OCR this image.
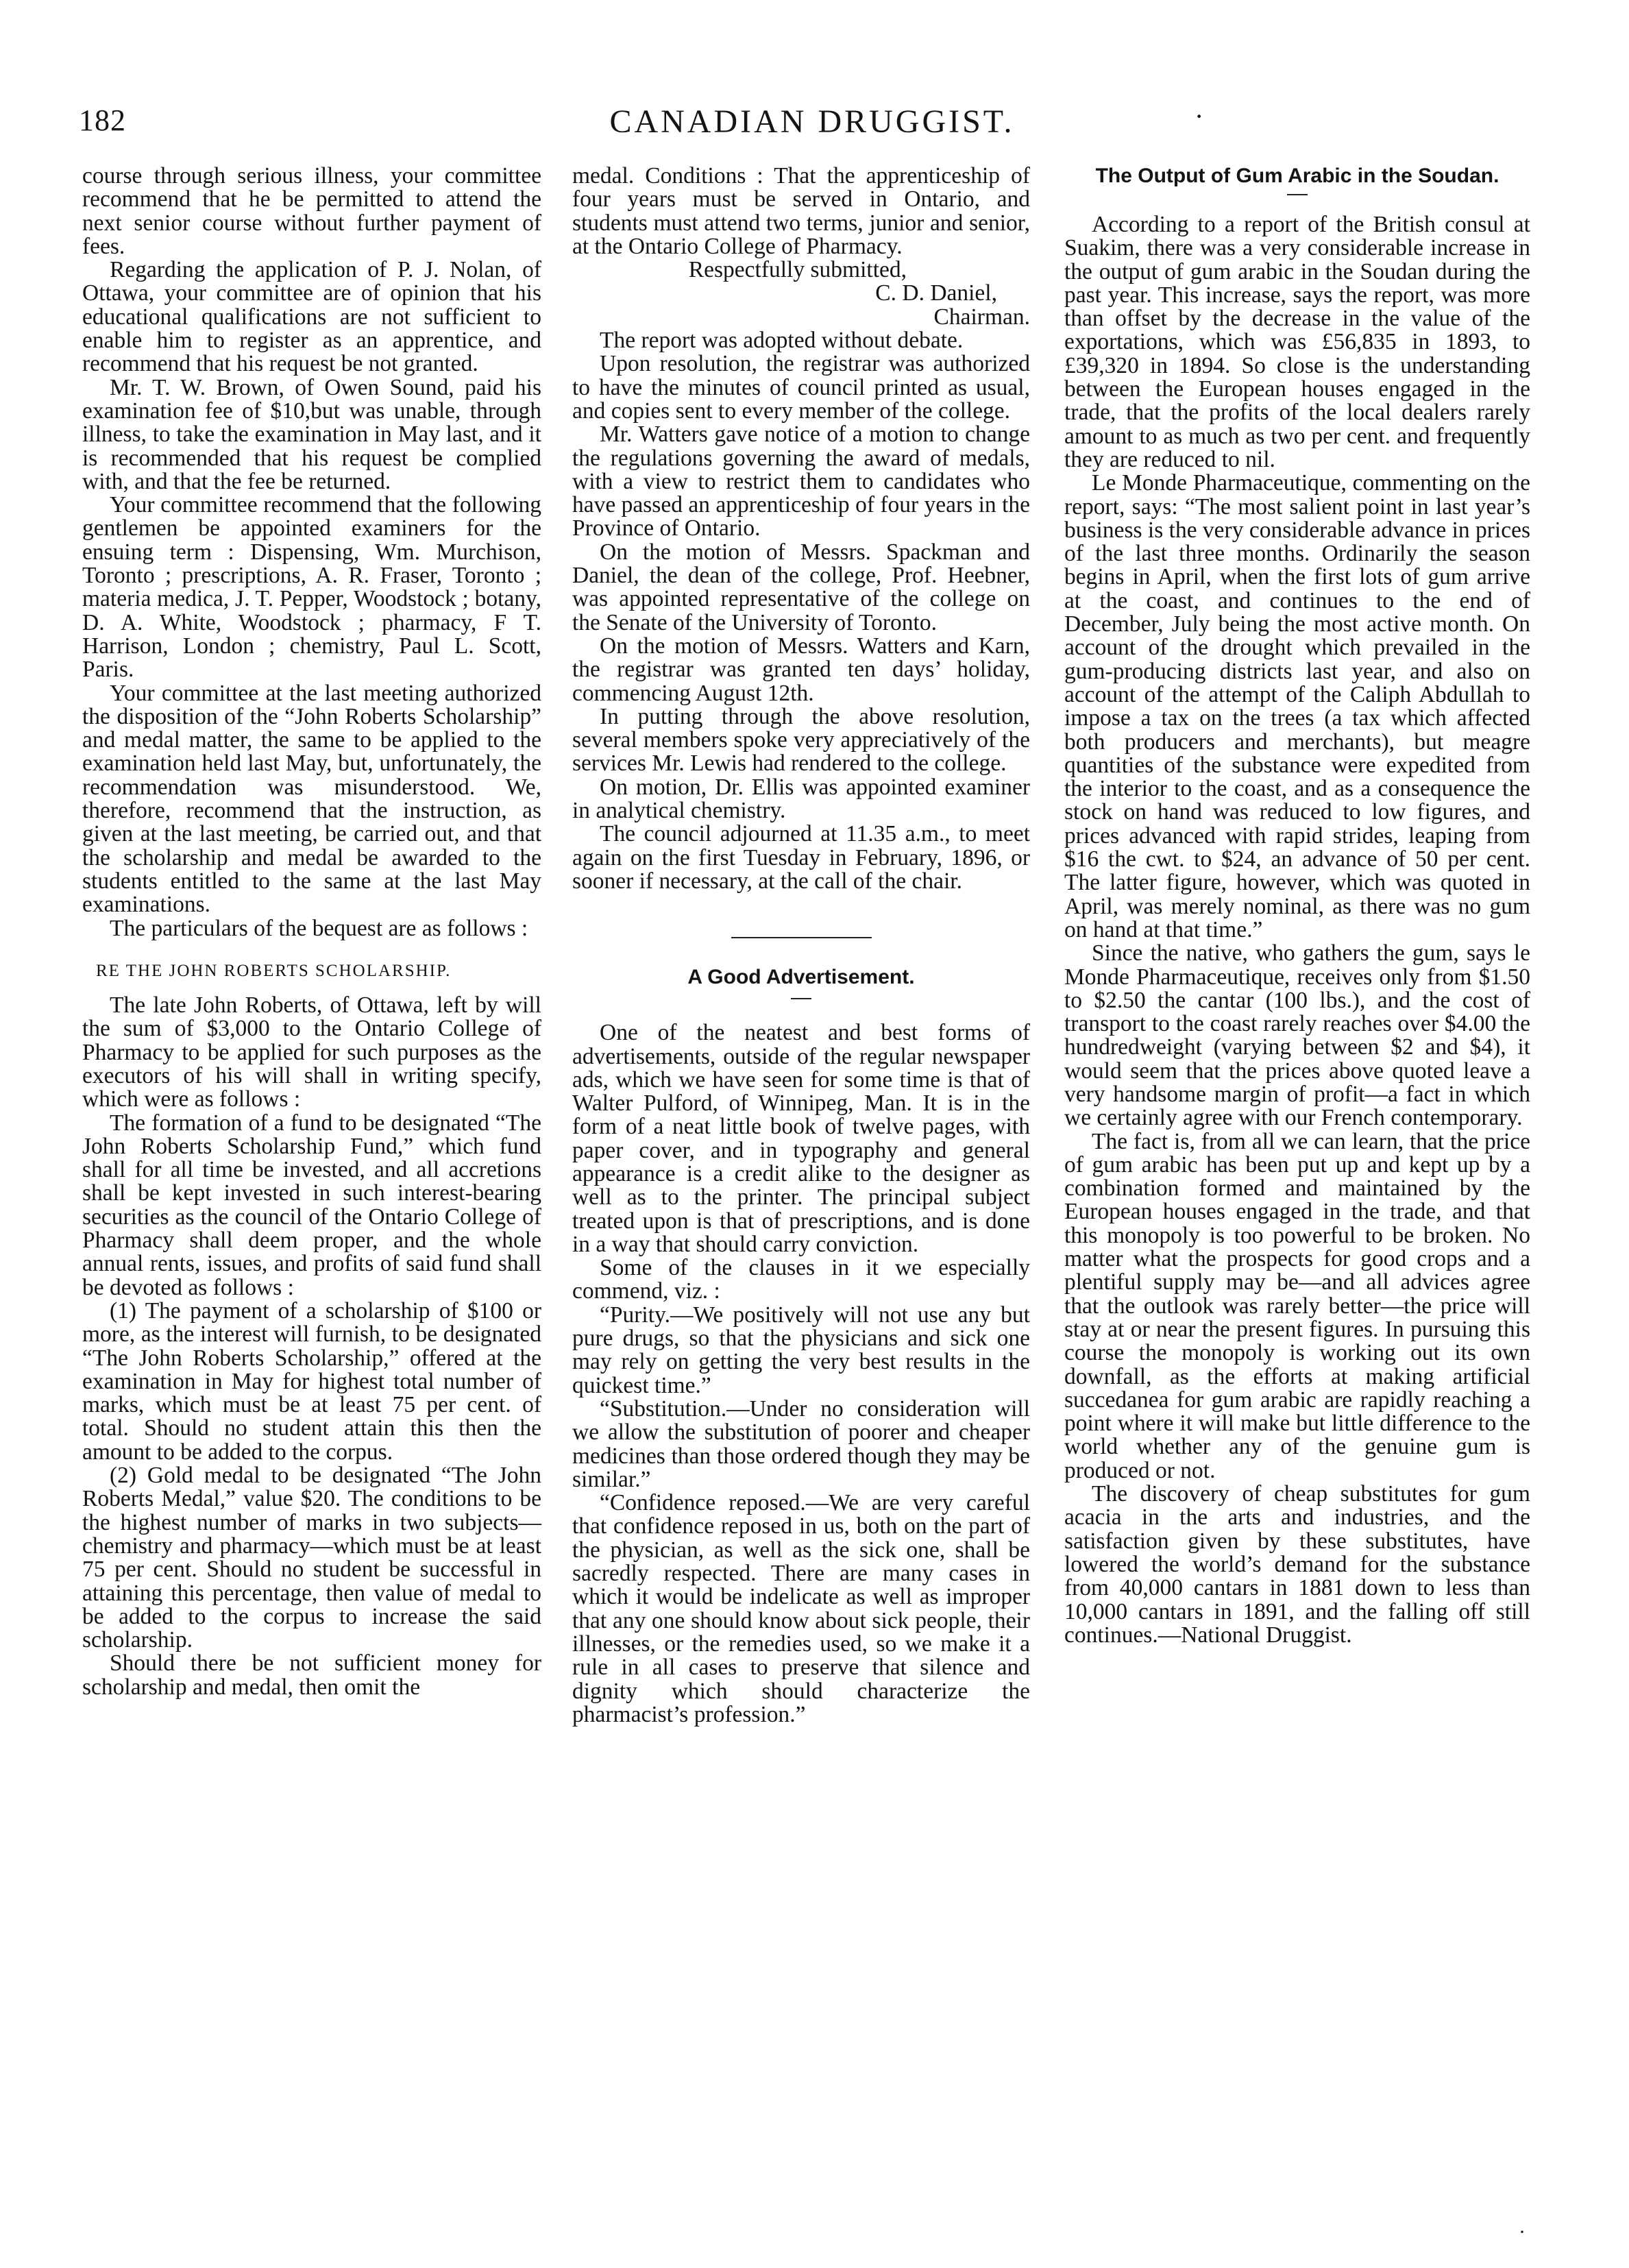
182	CANADIAN DRUGGIST.	·

course through serious illness, your committee recommend that he be permitted to attend the next senior course without further payment of fees.

Regarding the application of P. J. Nolan, of Ottawa, your committee are of opinion that his educational qualifications are not sufficient to enable him to register as an apprentice, and recommend that his request be not granted.

Mr. T. W. Brown, of Owen Sound, paid his examination fee of $10,but was unable, through illness, to take the examination in May last, and it is recommended that his request be complied with, and that the fee be returned.

Your committee recommend that the following gentlemen be appointed examiners for the ensuing term : Dispensing, Wm. Murchison, Toronto ; prescriptions, A. R. Fraser, Toronto ; materia medica, J. T. Pepper, Woodstock ; botany, D. A. White, Woodstock ; pharmacy, F T. Harrison, London ; chemistry, Paul L. Scott, Paris.

Your committee at the last meeting authorized the disposition of the “John Roberts Scholarship” and medal matter, the same to be applied to the examination held last May, but, unfortunately, the recommendation was misunderstood. We, therefore, recommend that the instruction, as given at the last meeting, be carried out, and that the scholarship and medal be awarded to the students entitled to the same at the last May examinations.

The particulars of the bequest are as follows :

RE THE JOHN ROBERTS SCHOLARSHIP.

The late John Roberts, of Ottawa, left by will the sum of $3,000 to the Ontario College of Pharmacy to be applied for such purposes as the executors of his will shall in writing specify, which were as follows :

The formation of a fund to be designated “The John Roberts Scholarship Fund,” which fund shall for all time be invested, and all accretions shall be kept invested in such interest-bearing securities as the council of the Ontario College of Pharmacy shall deem proper, and the whole annual rents, issues, and profits of said fund shall be devoted as follows :

(1) The payment of a scholarship of $100 or more, as the interest will furnish, to be designated “The John Roberts Scholarship,” offered at the examination in May for highest total number of marks, which must be at least 75 per cent. of total. Should no student attain this then the amount to be added to the corpus.

(2) Gold medal to be designated “The John Roberts Medal,” value $20. The conditions to be the highest number of marks in two subjects—chemistry and pharmacy—which must be at least 75 per cent. Should no student be successful in attaining this percentage, then value of medal to be added to the corpus to increase the said scholarship.

Should there be not sufficient money for scholarship and medal, then omit the

medal. Conditions : That the apprenticeship of four years must be served in Ontario, and students must attend two terms, junior and senior, at the Ontario College of Pharmacy.

Respectfully submitted,

C. D. Daniel,

Chairman.

The report was adopted without debate.

Upon resolution, the registrar was authorized to have the minutes of council printed as usual, and copies sent to every member of the college.

Mr. Watters gave notice of a motion to change the regulations governing the award of medals, with a view to restrict them to candidates who have passed an apprenticeship of four years in the Province of Ontario.

On the motion of Messrs. Spackman and Daniel, the dean of the college, Prof. Heebner, was appointed representative of the college on the Senate of the University of Toronto.

On the motion of Messrs. Watters and Karn, the registrar was granted ten days’ holiday, commencing August 12th.

In putting through the above resolution, several members spoke very appreciatively of the services Mr. Lewis had rendered to the college.

On motion, Dr. Ellis was appointed examiner in analytical chemistry.

The council adjourned at 11.35 a.m., to meet again on the first Tuesday in February, 1896, or sooner if necessary, at the call of the chair.

A Good Advertisement.

One of the neatest and best forms of advertisements, outside of the regular newspaper ads, which we have seen for some time is that of Walter Pulford, of Winnipeg, Man. It is in the form of a neat little book of twelve pages, with paper cover, and in typography and general appearance is a credit alike to the designer as well as to the printer. The principal subject treated upon is that of prescriptions, and is done in a way that should carry conviction.

Some of the clauses in it we especially commend, viz. :

“Purity.—We positively will not use any but pure drugs, so that the physicians and sick one may rely on getting the very best results in the quickest time.”

“Substitution.—Under no consideration will we allow the substitution of poorer and cheaper medicines than those ordered though they may be similar.”

“Confidence reposed.—We are very careful that confidence reposed in us, both on the part of the physician, as well as the sick one, shall be sacredly respected. There are many cases in which it would be indelicate as well as improper that any one should know about sick people, their illnesses, or the remedies used, so we make it a rule in all cases to preserve that silence and dignity which should characterize the pharmacist’s profession.”

The Output of Gum Arabic in the Soudan.

According to a report of the British consul at Suakim, there was a very considerable increase in the output of gum arabic in the Soudan during the past year. This increase, says the report, was more than offset by the decrease in the value of the exportations, which was £56,835 in 1893, to £39,320 in 1894. So close is the understanding between the European houses engaged in the trade, that the profits of the local dealers rarely amount to as much as two per cent. and frequently they are reduced to nil.

Le Monde Pharmaceutique, commenting on the report, says: “The most salient point in last year’s business is the very considerable advance in prices of the last three months. Ordinarily the season begins in April, when the first lots of gum arrive at the coast, and continues to the end of December, July being the most active month. On account of the drought which prevailed in the gum-producing districts last year, and also on account of the attempt of the Caliph Abdullah to impose a tax on the trees (a tax which affected both producers and merchants), but meagre quantities of the substance were expedited from the interior to the coast, and as a consequence the stock on hand was reduced to low figures, and prices advanced with rapid strides, leaping from $16 the cwt. to $24, an advance of 50 per cent. The latter figure, however, which was quoted in April, was merely nominal, as there was no gum on hand at that time.”

Since the native, who gathers the gum, says le Monde Pharmaceutique, receives only from $1.50 to $2.50 the cantar (100 lbs.), and the cost of transport to the coast rarely reaches over $4.00 the hundredweight (varying between $2 and $4), it would seem that the prices above quoted leave a very handsome margin of profit—a fact in which we certainly agree with our French contemporary.

The fact is, from all we can learn, that the price of gum arabic has been put up and kept up by a combination formed and maintained by the European houses engaged in the trade, and that this monopoly is too powerful to be broken. No matter what the prospects for good crops and a plentiful supply may be—and all advices agree that the outlook was rarely better—the price will stay at or near the present figures. In pursuing this course the monopoly is working out its own downfall, as the efforts at making artificial succedanea for gum arabic are rapidly reaching a point where it will make but little difference to the world whether any of the genuine gum is produced or not.

The discovery of cheap substitutes for gum acacia in the arts and industries, and the satisfaction given by these substitutes, have lowered the world’s demand for the substance from 40,000 cantars in 1881 down to less than 10,000 cantars in 1891, and the falling off still continues.—National Druggist.

·
